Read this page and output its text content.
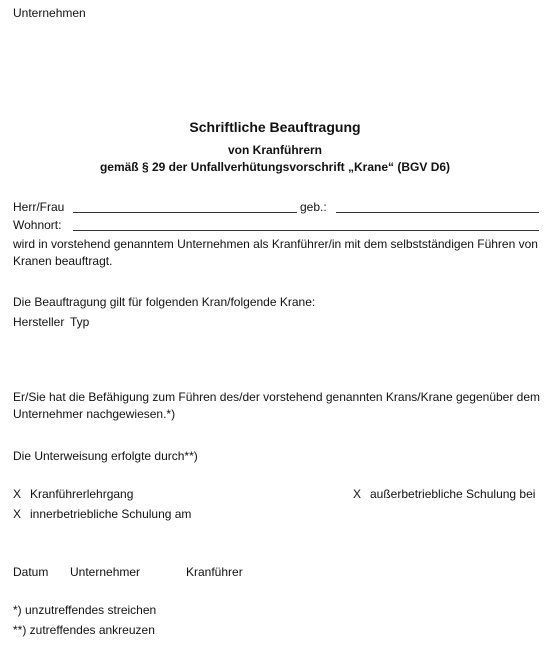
Unternehmen
Schriftliche Beauftragung
von Kranführern
gemäß § 29 der Unfallverhütungsvorschrift „Krane“ (BGV D6)
Herr/Frau	geb.:
Wohnort:
wird in vorstehend genanntem Unternehmen als Kranführer/in mit dem selbstständigen Führen von Kranen beauftragt.
Die Beauftragung gilt für folgenden Kran/folgende Krane:
Hersteller Typ
Er/Sie hat die Befähigung zum Führen des/der vorstehend genannten Krans/Krane gegenüber dem Unternehmer nachgewiesen.*)
Die Unterweisung erfolgte durch**)
X Kranführerlehrgang	X außerbetriebliche Schulung bei
X innerbetriebliche Schulung am
Datum Unternehmer	Kranführer
*) unzutreffendes streichen
**) zutreffendes ankreuzen
